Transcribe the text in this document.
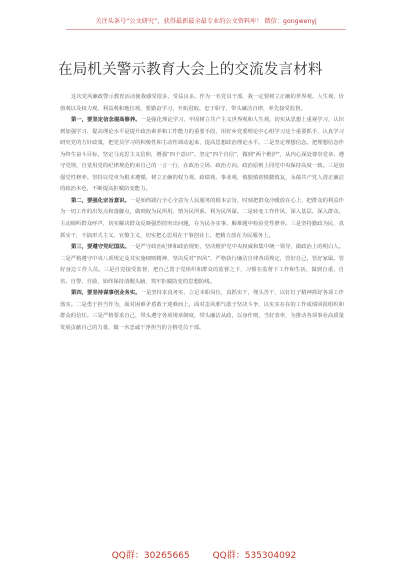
关注头条号“公文研究”，获得最新最全最专业的公文资料库！ 微信：gongwenyj
在局机关警示教育大会上的交流发言材料

这次党风廉政警示教育活动使我感受很多，受益良多。作为一名党员干部，我一定要树立正确的世界观、人生观、价值观以及权力观、利益观和地位观，要勤奋学习、开拓进取、忠于职守，带头廉洁自律，率先接受监督。

第一，要坚定信念提高修养。一是强化理论学习，牢固树立共产主义世界观和人生观。切实从思想上重视学习，认识到加强学习、提高理论水平是提升政治素养和工作能力的重要手段，用好乡党委理论中心组学习这个重要抓手，认真学习研究党的方针政策，把党员学习的积极性和主动性调动起来，提高思想政治理论水平。二是坚定理想信念。把理想信念作为终生奋斗目标，坚定马克思主义信仰，增强“四个意识”、坚定“四个自信”，做到“两个维护”，从内心深处尊崇党章、遵守党规，自觉用党的纪律规范约束自己的一言一行，在政治立场、政治方向、政治原则上同党中央保持高度一致。三是加强党性修养。坚持以党章为根本遵循，树立正确的权力观、政绩观、事业观，慎独慎初慎微慎友，永葆共产党人清正廉洁的政治本色，不断提高拒腐防变能力。

第二，要强化宗旨意识。一是始终践行全心全意为人民服务的根本宗旨，时刻把群众冷暖放在心上，把群众的利益作为一切工作的出发点和落脚点，做到权为民所用、情为民所系、利为民所谋。二是转变工作作风，深入基层、深入群众，主动倾听群众呼声，切实解决群众反映强烈的突出问题，在为民办实事、解难题中检验党性修养。三是坚持勤政为民，真抓实干，不搞形式主义、官僚主义，切实把心思用在干事创业上、把精力放在为民服务上。

第三，要遵守党纪国法。一是严守政治纪律和政治规矩，坚决维护党中央权威和集中统一领导，做政治上的明白人。二是严格遵守中央八项规定及其实施细则精神，坚决反对“四风”，严格执行廉洁自律各项规定，管好自己、管好家属、管好身边工作人员。三是自觉接受监督，把自己置于党组织和群众的监督之下，习惯在监督下工作和生活，做到自重、自省、自警、自励，始终保持清醒头脑，筑牢拒腐防变的思想防线。

第四，要坚持谋事创业务实。一是坚持求真务实，立足本职岗位，真抓实干，埋头苦干，以钉钉子精神抓好各项工作落实。二是勇于担当作为，面对困难矛盾敢于迎难而上，面对歪风邪气敢于坚决斗争，以实实在在的工作成绩回报组织和群众的信任。三是严格要求自己，带头遵守各项规章制度，带头廉洁从政，以身作则，当好表率，为推动各项事业高质量发展贡献自己的力量，做一名忠诚干净担当的合格党员干部。

QQ群：30265665	QQ群：535304092
